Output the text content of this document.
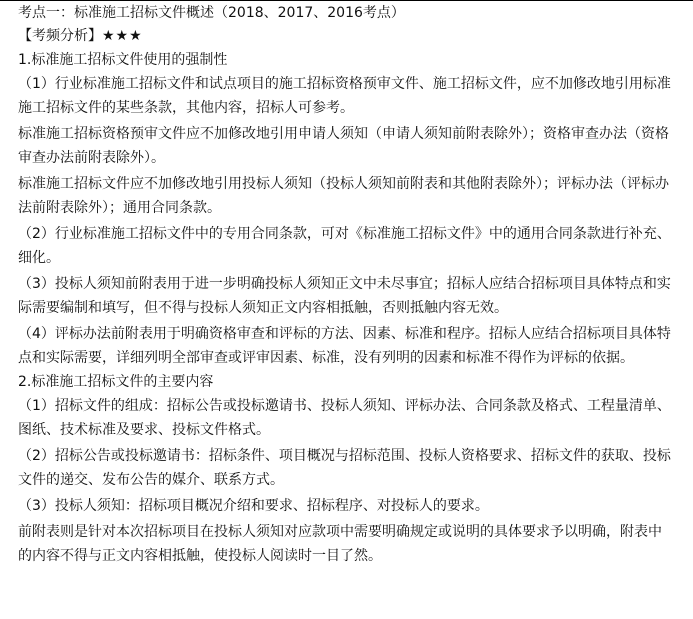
考点一：标准施工招标文件概述（2018、2017、2016考点）

【考频分析】★★★

1.标准施工招标文件使用的强制性

（1）行业标准施工招标文件和试点项目的施工招标资格预审文件、施工招标文件，应不加修改地引用标准施工招标文件的某些条款，其他内容，招标人可参考。

标准施工招标资格预审文件应不加修改地引用申请人须知（申请人须知前附表除外）；资格审查办法（资格审查办法前附表除外）。

标准施工招标文件应不加修改地引用投标人须知（投标人须知前附表和其他附表除外）；评标办法（评标办法前附表除外）；通用合同条款。

（2）行业标准施工招标文件中的专用合同条款，可对《标准施工招标文件》中的通用合同条款进行补充、细化。

（3）投标人须知前附表用于进一步明确投标人须知正文中未尽事宜；招标人应结合招标项目具体特点和实际需要编制和填写，但不得与投标人须知正文内容相抵触，否则抵触内容无效。

（4）评标办法前附表用于明确资格审查和评标的方法、因素、标准和程序。招标人应结合招标项目具体特点和实际需要，详细列明全部审查或评审因素、标准，没有列明的因素和标准不得作为评标的依据。

2.标准施工招标文件的主要内容

（1）招标文件的组成：招标公告或投标邀请书、投标人须知、评标办法、合同条款及格式、工程量清单、图纸、技术标准及要求、投标文件格式。

（2）招标公告或投标邀请书：招标条件、项目概况与招标范围、投标人资格要求、招标文件的获取、投标文件的递交、发布公告的媒介、联系方式。

（3）投标人须知：招标项目概况介绍和要求、招标程序、对投标人的要求。

前附表则是针对本次招标项目在投标人须知对应款项中需要明确规定或说明的具体要求予以明确，附表中的内容不得与正文内容相抵触，使投标人阅读时一目了然。
